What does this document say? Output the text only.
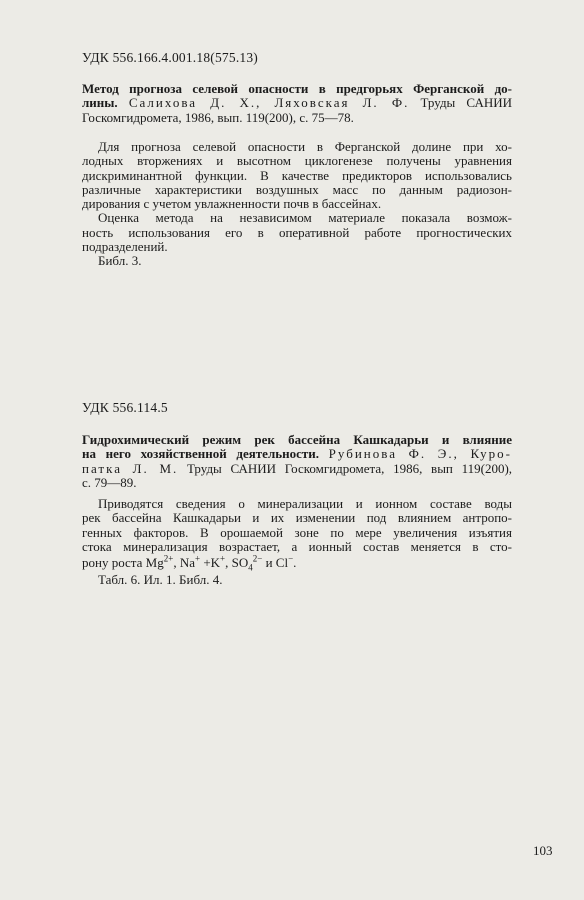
УДК 556.166.4.001.18(575.13)
Метод прогноза селевой опасности в предгорьях Ферганской до-
лины. Салихова Д. Х., Ляховская Л. Ф. Труды САНИИ
Госкомгидромета, 1986, вып. 119(200), с. 75—78.
Для прогноза селевой опасности в Ферганской долине при хо-
лодных вторжениях и высотном циклогенезе получены уравнения
дискриминантной функции. В качестве предикторов использовались
различные характеристики воздушных масс по данным радиозон-
дирования с учетом увлажненности почв в бассейнах.
Оценка метода на независимом материале показала возмож-
ность использования его в оперативной работе прогностических
подразделений.
Библ. 3.
УДК 556.114.5
Гидрохимический режим рек бассейна Кашкадарьи и влияние
на него хозяйственной деятельности. Рубинова Ф. Э., Куро-
патка Л. М. Труды САНИИ Госкомгидромета, 1986, вып 119(200),
с. 79—89.
Приводятся сведения о минерализации и ионном составе воды
рек бассейна Кашкадарьи и их изменении под влиянием антропо-
генных факторов. В орошаемой зоне по мере увеличения изъятия
стока минерализация возрастает, а ионный состав меняется в сто-
рону роста $Mg^{2+}$, Na+ +K+, $SO_4^{2-}$ и Cl−.
Табл. 6. Ил. 1. Библ. 4.
103
